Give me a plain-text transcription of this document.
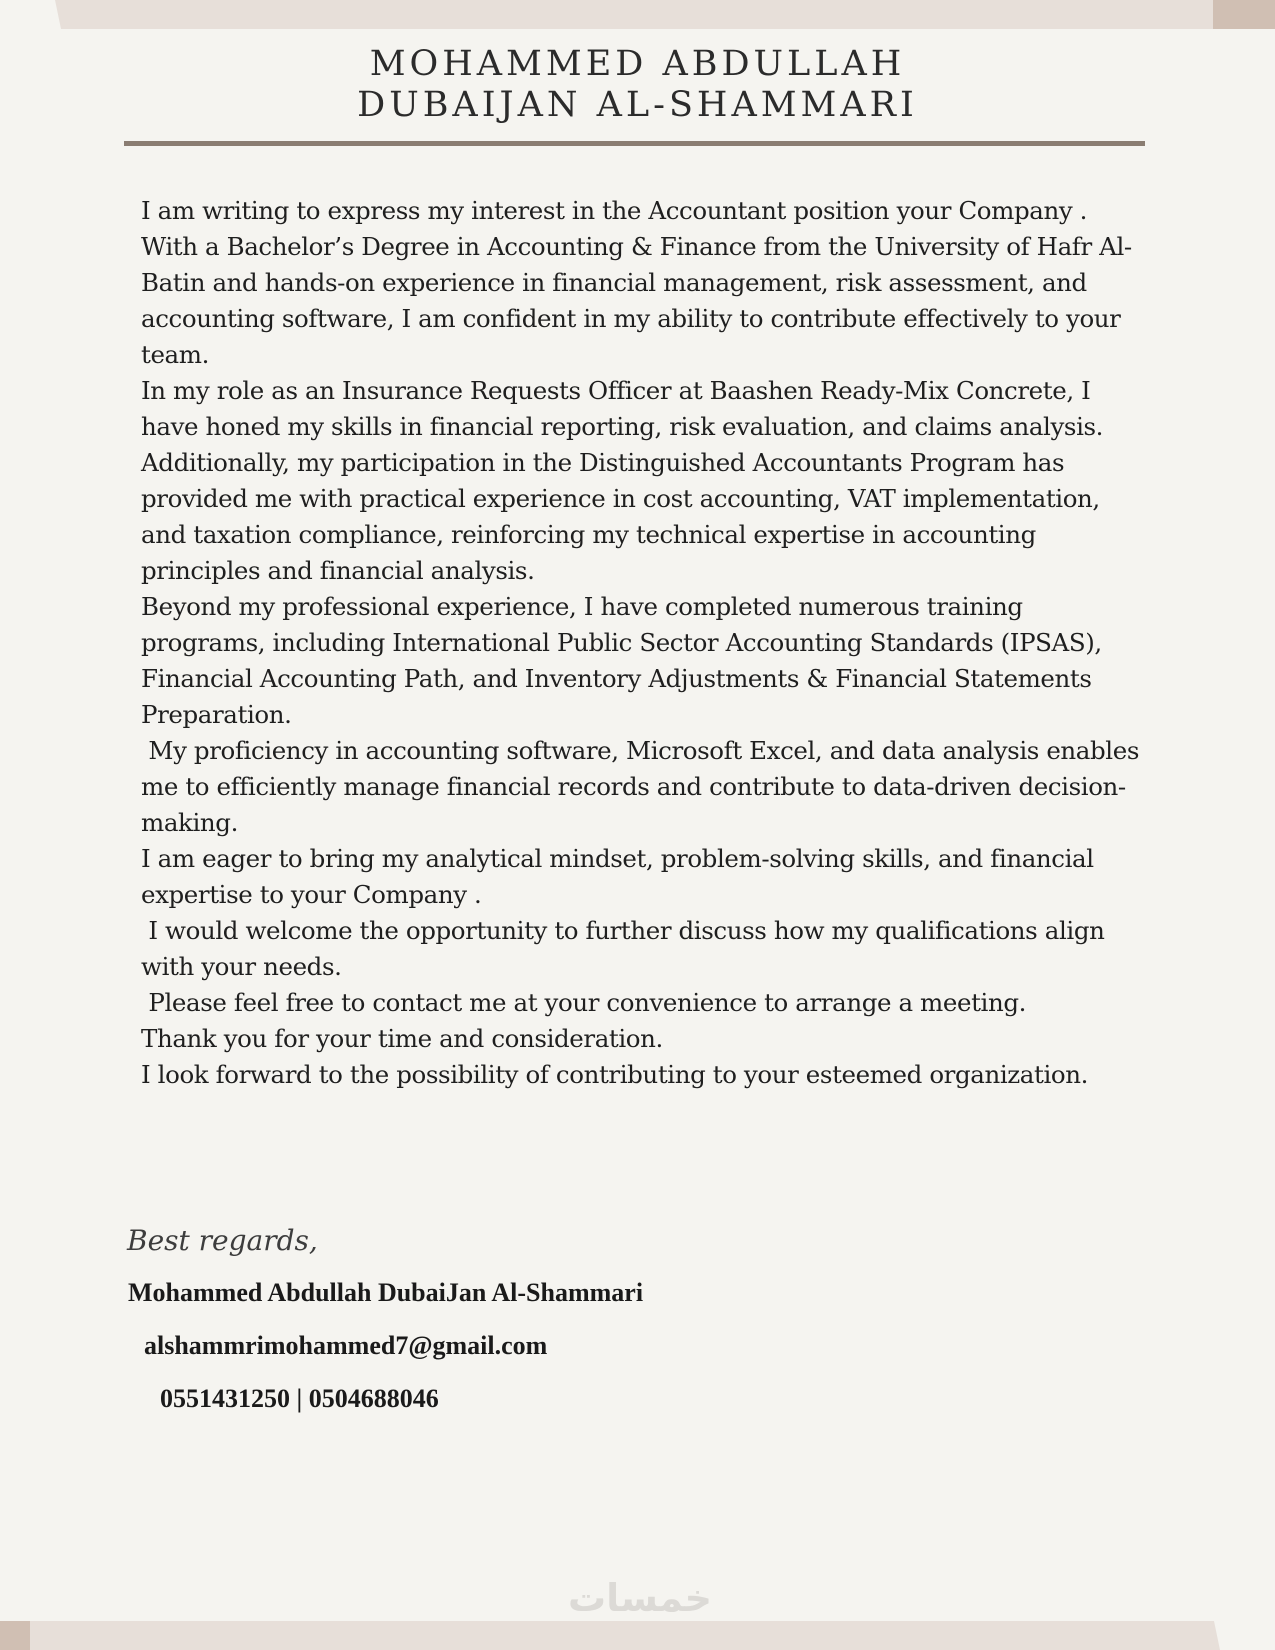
MOHAMMED ABDULLAH
DUBAIJAN AL-SHAMMARI

I am writing to express my interest in the Accountant position your Company .

With a Bachelor’s Degree in Accounting & Finance from the University of Hafr Al-Batin and hands-on experience in financial management, risk assessment, and accounting software, I am confident in my ability to contribute effectively to your team.

In my role as an Insurance Requests Officer at Baashen Ready-Mix Concrete, I have honed my skills in financial reporting, risk evaluation, and claims analysis.

Additionally, my participation in the Distinguished Accountants Program has provided me with practical experience in cost accounting, VAT implementation, and taxation compliance, reinforcing my technical expertise in accounting principles and financial analysis.

Beyond my professional experience, I have completed numerous training programs, including International Public Sector Accounting Standards (IPSAS), Financial Accounting Path, and Inventory Adjustments & Financial Statements Preparation.

My proficiency in accounting software, Microsoft Excel, and data analysis enables me to efficiently manage financial records and contribute to data-driven decision-making.

I am eager to bring my analytical mindset, problem-solving skills, and financial expertise to your Company .

I would welcome the opportunity to further discuss how my qualifications align with your needs.

Please feel free to contact me at your convenience to arrange a meeting.

Thank you for your time and consideration.

I look forward to the possibility of contributing to your esteemed organization.

Best regards,
Mohammed Abdullah DubaiJan Al-Shammari
alshammrimohammed7@gmail.com
0551431250 | 0504688046
خمسات
